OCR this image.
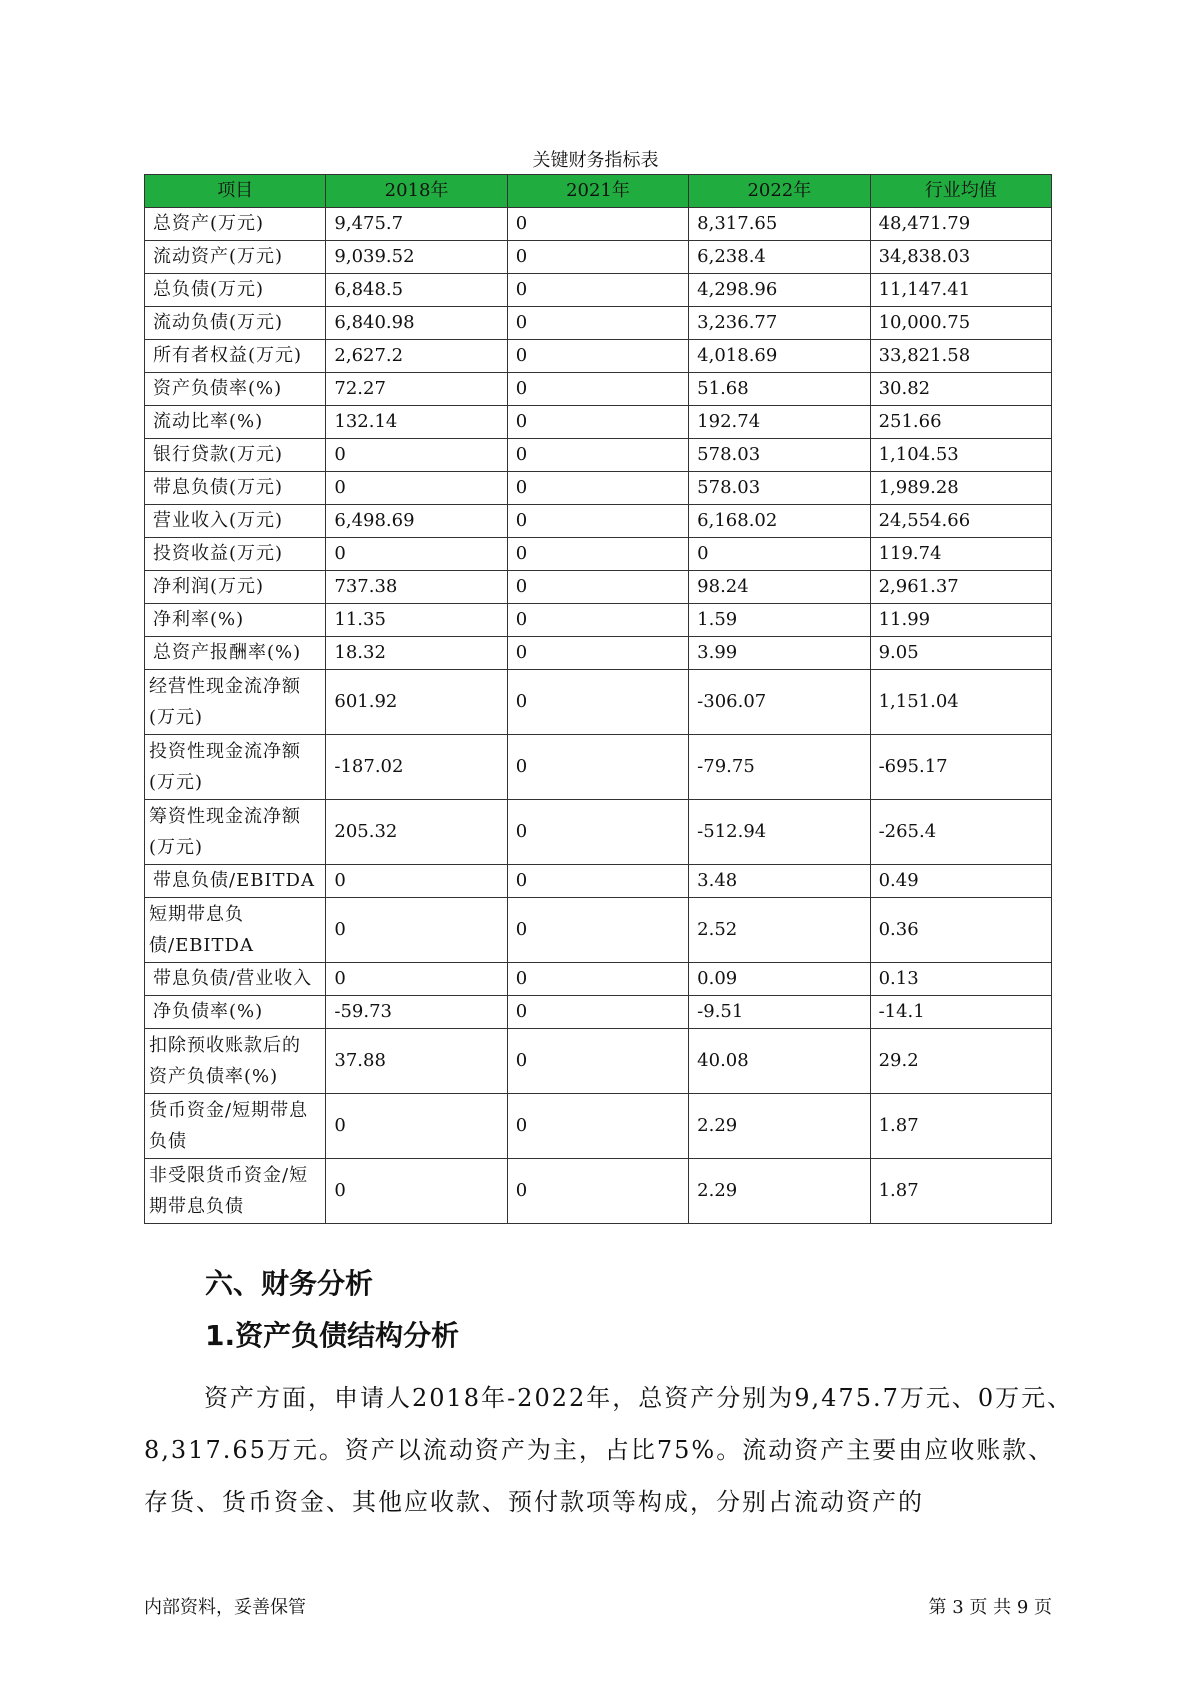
关键财务指标表
项目	2018年	2021年	2022年	行业均值
总资产(万元)	9,475.7	0	8,317.65	48,471.79
流动资产(万元)	9,039.52	0	6,238.4	34,838.03
总负债(万元)	6,848.5	0	4,298.96	11,147.41
流动负债(万元)	6,840.98	0	3,236.77	10,000.75
所有者权益(万元)	2,627.2	0	4,018.69	33,821.58
资产负债率(%)	72.27	0	51.68	30.82
流动比率(%)	132.14	0	192.74	251.66
银行贷款(万元)	0	0	578.03	1,104.53
带息负债(万元)	0	0	578.03	1,989.28
营业收入(万元)	6,498.69	0	6,168.02	24,554.66
投资收益(万元)	0	0	0	119.74
净利润(万元)	737.38	0	98.24	2,961.37
净利率(%)	11.35	0	1.59	11.99
总资产报酬率(%)	18.32	0	3.99	9.05
经营性现金流净额(万元)	601.92	0	-306.07	1,151.04
投资性现金流净额(万元)	-187.02	0	-79.75	-695.17
筹资性现金流净额(万元)	205.32	0	-512.94	-265.4
带息负债/EBITDA	0	0	3.48	0.49
短期带息负债/EBITDA	0	0	2.52	0.36
带息负债/营业收入	0	0	0.09	0.13
净负债率(%)	-59.73	0	-9.51	-14.1
扣除预收账款后的资产负债率(%)	37.88	0	40.08	29.2
货币资金/短期带息负债	0	0	2.29	1.87
非受限货币资金/短期带息负债	0	0	2.29	1.87
六、财务分析
1.资产负债结构分析
资产方面，申请人2018年-2022年，总资产分别为9,475.7万元、0万元、8,317.65万元。资产以流动资产为主，占比75%。流动资产主要由应收账款、存货、货币资金、其他应收款、预付款项等构成，分别占流动资产的
内部资料，妥善保管	第 3 页 共 9 页
